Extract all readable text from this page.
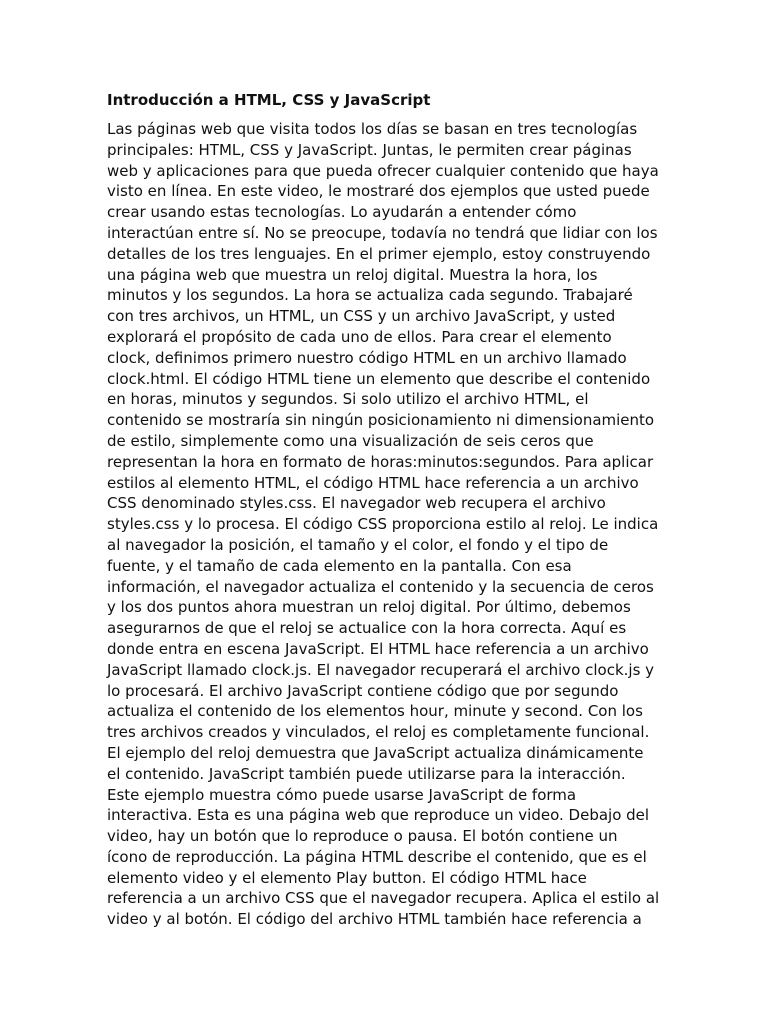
Introducción a HTML, CSS y JavaScript
Las páginas web que visita todos los días se basan en tres tecnologías
principales: HTML, CSS y JavaScript. Juntas, le permiten crear páginas
web y aplicaciones para que pueda ofrecer cualquier contenido que haya
visto en línea. En este video, le mostraré dos ejemplos que usted puede
crear usando estas tecnologías. Lo ayudarán a entender cómo
interactúan entre sí. No se preocupe, todavía no tendrá que lidiar con los
detalles de los tres lenguajes. En el primer ejemplo, estoy construyendo
una página web que muestra un reloj digital. Muestra la hora, los
minutos y los segundos. La hora se actualiza cada segundo. Trabajaré
con tres archivos, un HTML, un CSS y un archivo JavaScript, y usted
explorará el propósito de cada uno de ellos. Para crear el elemento
clock, definimos primero nuestro código HTML en un archivo llamado
clock.html. El código HTML tiene un elemento que describe el contenido
en horas, minutos y segundos. Si solo utilizo el archivo HTML, el
contenido se mostraría sin ningún posicionamiento ni dimensionamiento
de estilo, simplemente como una visualización de seis ceros que
representan la hora en formato de horas:minutos:segundos. Para aplicar
estilos al elemento HTML, el código HTML hace referencia a un archivo
CSS denominado styles.css. El navegador web recupera el archivo
styles.css y lo procesa. El código CSS proporciona estilo al reloj. Le indica
al navegador la posición, el tamaño y el color, el fondo y el tipo de
fuente, y el tamaño de cada elemento en la pantalla. Con esa
información, el navegador actualiza el contenido y la secuencia de ceros
y los dos puntos ahora muestran un reloj digital. Por último, debemos
asegurarnos de que el reloj se actualice con la hora correcta. Aquí es
donde entra en escena JavaScript. El HTML hace referencia a un archivo
JavaScript llamado clock.js. El navegador recuperará el archivo clock.js y
lo procesará. El archivo JavaScript contiene código que por segundo
actualiza el contenido de los elementos hour, minute y second. Con los
tres archivos creados y vinculados, el reloj es completamente funcional.
El ejemplo del reloj demuestra que JavaScript actualiza dinámicamente
el contenido. JavaScript también puede utilizarse para la interacción.
Este ejemplo muestra cómo puede usarse JavaScript de forma
interactiva. Esta es una página web que reproduce un video. Debajo del
video, hay un botón que lo reproduce o pausa. El botón contiene un
ícono de reproducción. La página HTML describe el contenido, que es el
elemento video y el elemento Play button. El código HTML hace
referencia a un archivo CSS que el navegador recupera. Aplica el estilo al
video y al botón. El código del archivo HTML también hace referencia a
